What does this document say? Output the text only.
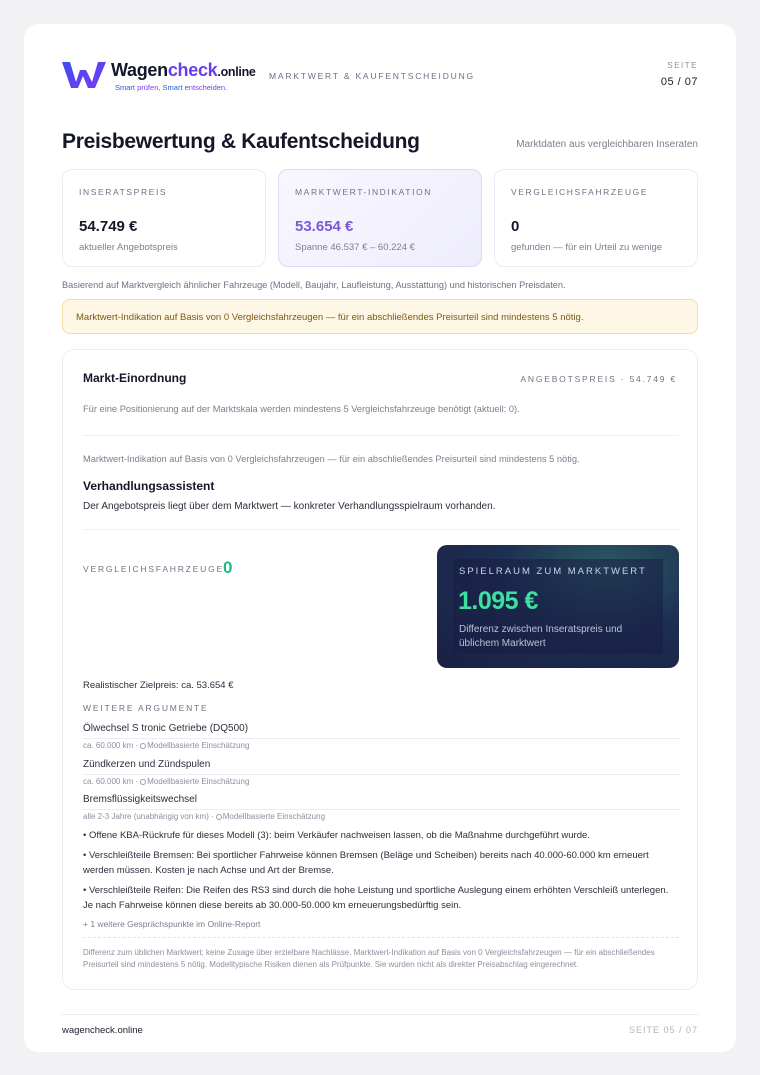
Wagencheck.online
Smart prüfen, Smart entscheiden.
MARKTWERT & KAUFENTSCHEIDUNG
SEITE
05 / 07
Preisbewertung & Kaufentscheidung	Marktdaten aus vergleichbaren Inseraten
INSERATSPREIS
54.749 €
aktueller Angebotspreis
MARKTWERT-INDIKATION
53.654 €
Spanne 46.537 € – 60.224 €
VERGLEICHSFAHRZEUGE
0
gefunden — für ein Urteil zu wenige
Basierend auf Marktvergleich ähnlicher Fahrzeuge (Modell, Baujahr, Laufleistung, Ausstattung) und historischen Preisdaten.
Marktwert-Indikation auf Basis von 0 Vergleichsfahrzeugen — für ein abschließendes Preisurteil sind mindestens 5 nötig.
Markt-Einordnung	ANGEBOTSPREIS · 54.749 €
Für eine Positionierung auf der Marktskala werden mindestens 5 Vergleichsfahrzeuge benötigt (aktuell: 0).
Marktwert-Indikation auf Basis von 0 Vergleichsfahrzeugen — für ein abschließendes Preisurteil sind mindestens 5 nötig.
Verhandlungsassistent
Der Angebotspreis liegt über dem Marktwert — konkreter Verhandlungsspielraum vorhanden.
VERGLEICHSFAHRZEUGE 0	SPIELRAUM ZUM MARKTWERT
1.095 €
Differenz zwischen Inseratspreis und üblichem Marktwert
Realistischer Zielpreis: ca. 53.654 €
WEITERE ARGUMENTE
Ölwechsel S tronic Getriebe (DQ500)
ca. 60.000 km · Modellbasierte Einschätzung
Zündkerzen und Zündspulen
ca. 60.000 km · Modellbasierte Einschätzung
Bremsflüssigkeitswechsel
alle 2-3 Jahre (unabhängig von km) · Modellbasierte Einschätzung
• Offene KBA-Rückrufe für dieses Modell (3): beim Verkäufer nachweisen lassen, ob die Maßnahme durchgeführt wurde.
• Verschleißteile Bremsen: Bei sportlicher Fahrweise können Bremsen (Beläge und Scheiben) bereits nach 40.000-60.000 km erneuert werden müssen. Kosten je nach Achse und Art der Bremse.
• Verschleißteile Reifen: Die Reifen des RS3 sind durch die hohe Leistung und sportliche Auslegung einem erhöhten Verschleiß unterlegen. Je nach Fahrweise können diese bereits ab 30.000-50.000 km erneuerungsbedürftig sein.
+ 1 weitere Gesprächspunkte im Online-Report
Differenz zum üblichen Marktwert; keine Zusage über erzielbare Nachlässe. Marktwert-Indikation auf Basis von 0 Vergleichsfahrzeugen — für ein abschließendes Preisurteil sind mindestens 5 nötig. Modelltypische Risiken dienen als Prüfpunkte. Sie wurden nicht als direkter Preisabschlag eingerechnet.
wagencheck.online	SEITE 05 / 07
